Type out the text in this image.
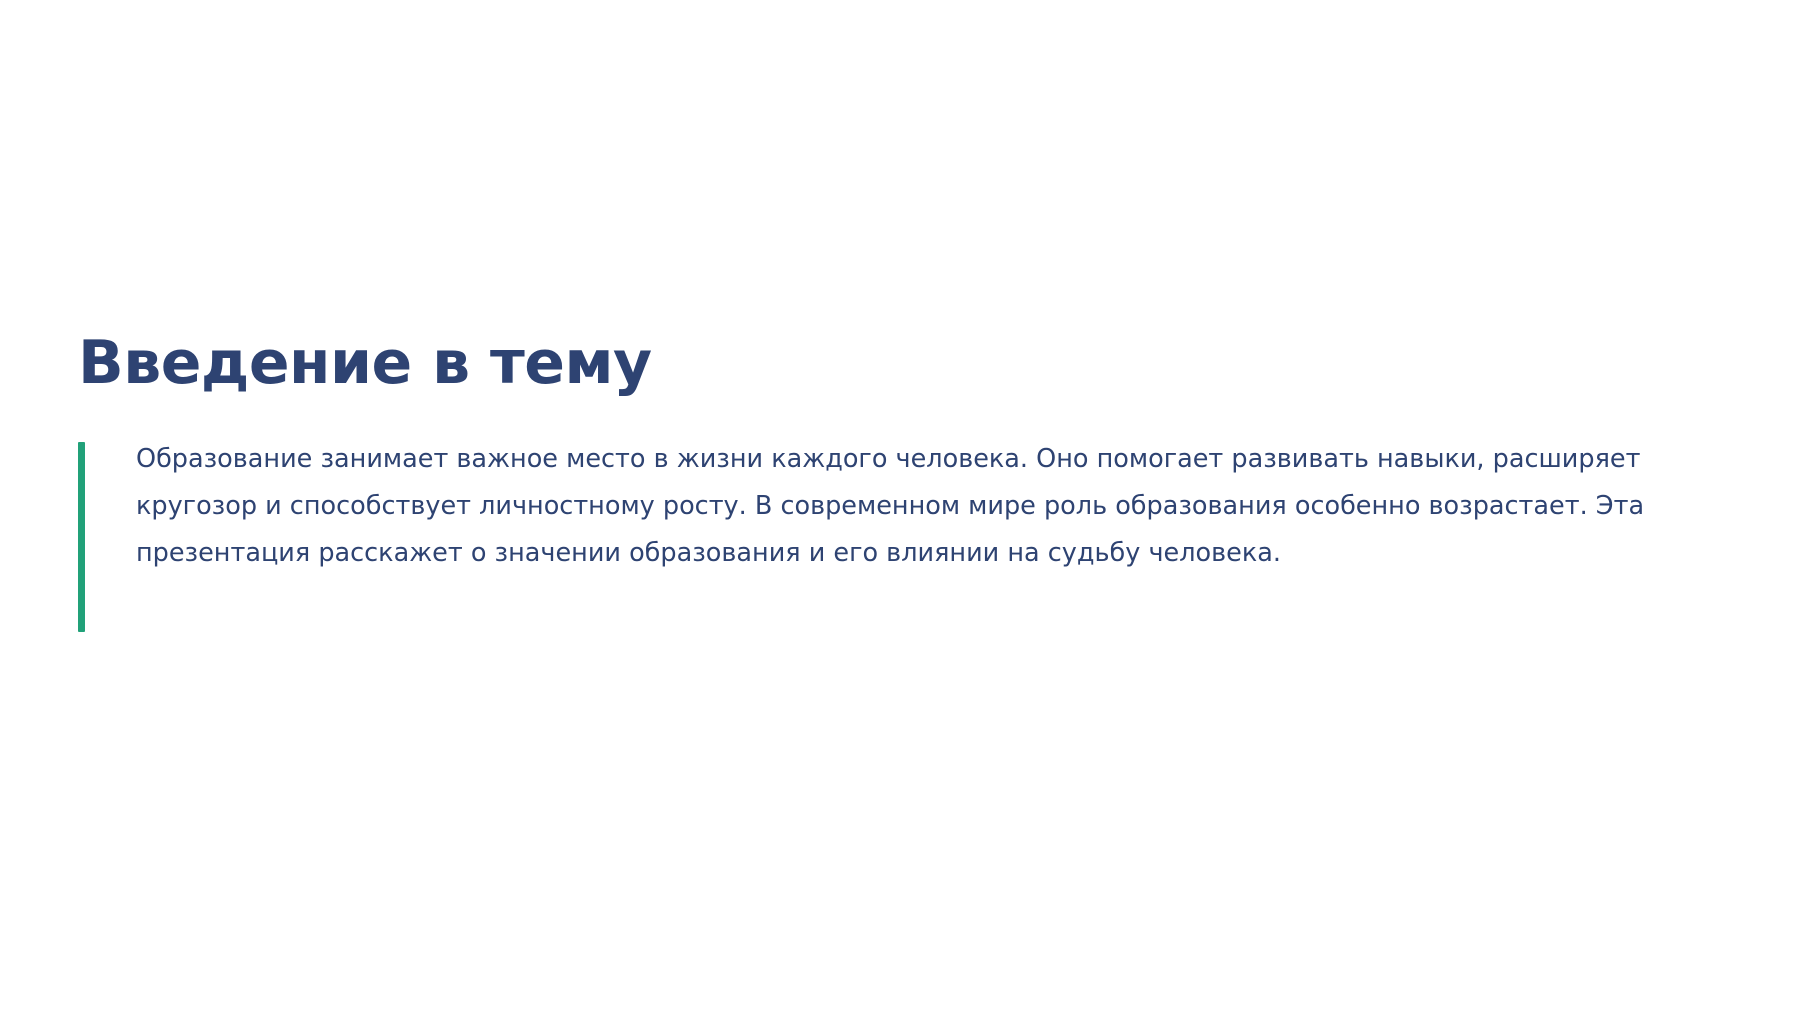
Введение в тему

Образование занимает важное место в жизни каждого человека. Оно помогает развивать навыки, расширяет кругозор и способствует личностному росту. В современном мире роль образования особенно возрастает. Эта презентация расскажет о значении образования и его влиянии на судьбу человека.
